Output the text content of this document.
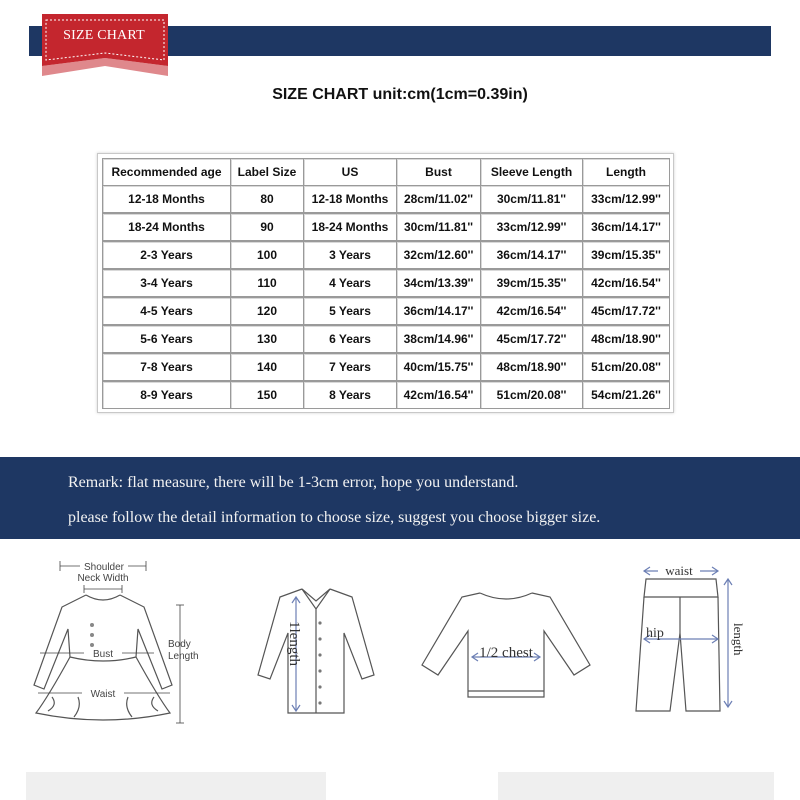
SIZE CHART
SIZE CHART unit:cm(1cm=0.39in)
Recommended age	Label Size	US	Bust	Sleeve Length	Length
12-18 Months	80	12-18 Months	28cm/11.02''	30cm/11.81''	33cm/12.99''
18-24 Months	90	18-24 Months	30cm/11.81''	33cm/12.99''	36cm/14.17''
2-3 Years	100	3 Years	32cm/12.60''	36cm/14.17''	39cm/15.35''
3-4 Years	110	4 Years	34cm/13.39''	39cm/15.35''	42cm/16.54''
4-5 Years	120	5 Years	36cm/14.17''	42cm/16.54''	45cm/17.72''
5-6 Years	130	6 Years	38cm/14.96''	45cm/17.72''	48cm/18.90''
7-8 Years	140	7 Years	40cm/15.75''	48cm/18.90''	51cm/20.08''
8-9 Years	150	8 Years	42cm/16.54''	51cm/20.08''	54cm/21.26''
Remark: flat measure, there will be 1-3cm error, hope you understand.
please follow the detail information to choose size, suggest you choose bigger size.
Shoulder
Neck Width
Bust
Waist
Body
Length	1length	1/2 chest
waist
hip	length
